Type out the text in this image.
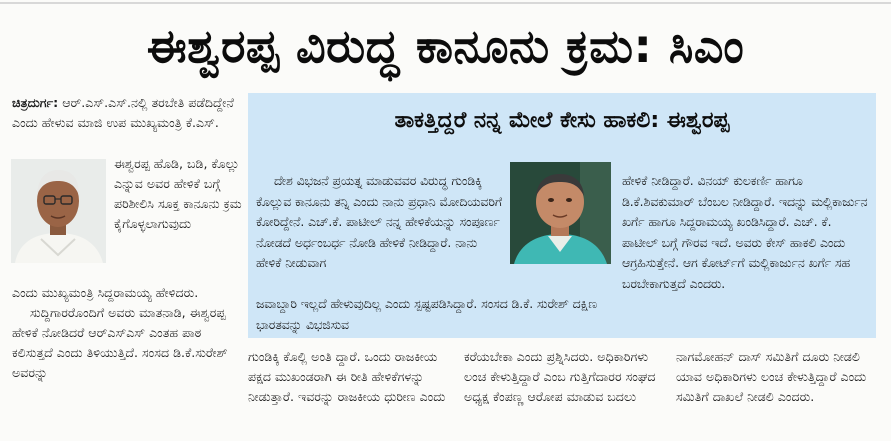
ಈಶ್ವರಪ್ಪ ವಿರುದ್ಧ ಕಾನೂನು ಕ್ರಮ: ಸಿಎಂ

ಚಿತ್ರದುರ್ಗ: ಆರ್.ಎಸ್.ಎಸ್.ನಲ್ಲಿ ತರಬೇತಿ ಪಡೆದಿದ್ದೇನೆ ಎಂದು ಹೇಳುವ ಮಾಜಿ ಉಪ ಮುಖ್ಯಮಂತ್ರಿ ಕೆ.ಎಸ್.

ಈಶ್ವರಪ್ಪ ಹೊಡಿ, ಬಡಿ, ಕೊಲ್ಲು ಎನ್ನುವ ಅವರ ಹೇಳಿಕೆ ಬಗ್ಗೆ ಪರಿಶೀಲಿಸಿ ಸೂಕ್ತ ಕಾನೂನು ಕ್ರಮ ಕೈಗೊಳ್ಳಲಾಗುವುದು

ಎಂದು ಮುಖ್ಯಮಂತ್ರಿ ಸಿದ್ದರಾಮಯ್ಯ ಹೇಳಿದರು.

ಸುದ್ದಿಗಾರರೊಂದಿಗೆ ಅವರು ಮಾತನಾಡಿ, ಈಶ್ವರಪ್ಪ ಹೇಳಿಕೆ ನೋಡಿದರೆ ಆರ್‌ಎಸ್‌ಎಸ್ ಎಂತಹ ಪಾಠ ಕಲಿಸುತ್ತದೆ ಎಂದು ತಿಳಿಯುತ್ತಿದೆ. ಸಂಸದ ಡಿ.ಕೆ.ಸುರೇಶ್ ಅವರನ್ನು

ತಾಕತ್ತಿದ್ದರೆ ನನ್ನ ಮೇಲೆ ಕೇಸು ಹಾಕಲಿ: ಈಶ್ವರಪ್ಪ

ದೇಶ ವಿಭಜನೆ ಪ್ರಯತ್ನ ಮಾಡುವವರ ವಿರುದ್ಧ ಗುಂಡಿಕ್ಕಿ ಕೊಲ್ಲುವ ಕಾನೂನು ತನ್ನಿ ಎಂದು ನಾನು ಪ್ರಧಾನಿ ಮೋದಿಯವರಿಗೆ ಕೋರಿದ್ದೇನೆ. ಎಚ್.ಕೆ. ಪಾಟೀಲ್ ನನ್ನ ಹೇಳಿಕೆಯನ್ನು ಸಂಪೂರ್ಣ ನೋಡದೆ ಅರ್ಧಂಬರ್ಧ ನೋಡಿ ಹೇಳಿಕೆ ನೀಡಿದ್ದಾರೆ. ನಾನು ಹೇಳಿಕೆ ನೀಡುವಾಗ

ಹೇಳಿಕೆ ನೀಡಿದ್ದಾರೆ. ವಿನಯ್ ಕುಲಕರ್ಣಿ ಹಾಗೂ ಡಿ.ಕೆ.ಶಿವಕುಮಾರ್ ಬೆಂಬಲ ನೀಡಿದ್ದಾರೆ. ಇದನ್ನು ಮಲ್ಲಿಕಾರ್ಜುನ ಖರ್ಗೆ ಹಾಗೂ ಸಿದ್ದರಾಮಯ್ಯ ಖಂಡಿಸಿದ್ದಾರೆ. ಎಚ್. ಕೆ. ಪಾಟೀಲ್ ಬಗ್ಗೆ ಗೌರವ ಇದೆ. ಅವರು ಕೇಸ್ ಹಾಕಲಿ ಎಂದು ಆಗ್ರಹಿಸುತ್ತೇನೆ. ಆಗ ಕೋರ್ಟ್‌ಗೆ ಮಲ್ಲಿಕಾರ್ಜುನ ಖರ್ಗೆ ಸಹ ಬರಬೇಕಾಗುತ್ತದೆ ಎಂದರು.

ಜವಾಬ್ದಾರಿ ಇಲ್ಲದೆ ಹೇಳುವುದಿಲ್ಲ ಎಂದು ಸ್ಪಷ್ಟಪಡಿಸಿದ್ದಾರೆ. ಸಂಸದ ಡಿ.ಕೆ. ಸುರೇಶ್ ದಕ್ಷಿಣ ಭಾರತವನ್ನು ವಿಭಜಿಸುವ

ಗುಂಡಿಕ್ಕಿ ಕೊಲ್ಲಿ ಅಂತಿ ದ್ದಾರೆ. ಒಂದು ರಾಜಕೀಯ ಪಕ್ಷದ ಮುಖಂಡರಾಗಿ ಈ ರೀತಿ ಹೇಳಿಕೆಗಳನ್ನು ನೀಡುತ್ತಾರೆ. ಇವರನ್ನು ರಾಜಕೀಯ ಧುರೀಣ ಎಂದು

ಕರೆಯಬೇಕಾ ಎಂದು ಪ್ರಶ್ನಿಸಿದರು. ಅಧಿಕಾರಿಗಳು ಲಂಚ ಕೇಳುತ್ತಿದ್ದಾರೆ ಎಂಬ ಗುತ್ತಿಗೆದಾರರ ಸಂಘದ ಅಧ್ಯಕ್ಷ ಕೆಂಪಣ್ಣ ಆರೋಪ ಮಾಡುವ ಬದಲು

ನಾಗಮೋಹನ್ ದಾಸ್ ಸಮಿತಿಗೆ ದೂರು ನೀಡಲಿ ಯಾವ ಅಧಿಕಾರಿಗಳು ಲಂಚ ಕೇಳುತ್ತಿದ್ದಾರೆ ಎಂದು ಸಮಿತಿಗೆ ದಾಖಲೆ ನೀಡಲಿ ಎಂದರು.
